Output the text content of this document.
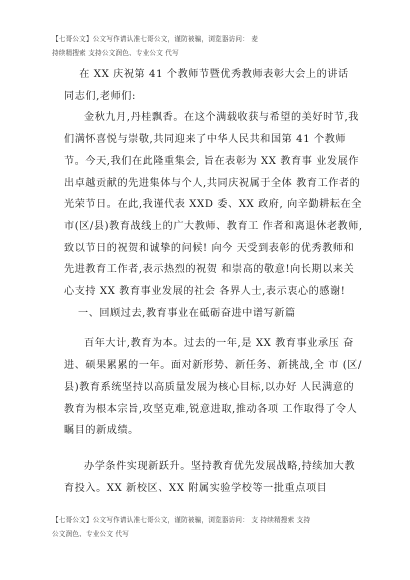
【七哥公文】公文写作请认准七哥公文，谨防被骗，浏览器访问： 麦
持续精搜索 支持公文润色、专业公文 代写

在 XX 庆祝第 41 个教师节暨优秀教师表彰大会上的讲话

同志们,老师们:

金秋九月,丹桂飘香。在这个满载收获与希望的美好时节,我们满怀喜悦与崇敬,共同迎来了中华人民共和国第 41 个教师节。今天,我们在此隆重集会, 旨在表彰为 XX 教育事 业发展作出卓越贡献的先进集体与个人,共同庆祝属于全体 教育工作者的光荣节日。在此,我谨代表 XXD 委、XX 政府, 向辛勤耕耘在全市(区/县)教育战线上的广大教师、教育工 作者和离退休老教师,致以节日的祝贺和诚挚的问候! 向今 天受到表彰的优秀教师和先进教育工作者,表示热烈的祝贺 和崇高的敬意!向长期以来关心支持 XX 教育事业发展的社会 各界人士,表示衷心的感谢!

一、回顾过去,教育事业在砥砺奋进中谱写新篇

百年大计,教育为本。过去的一年,是 XX 教育事业承压 奋进、硕果累累的一年。面对新形势、新任务、新挑战,全 市 (区/县)教育系统坚持以高质量发展为核心目标,以办好 人民满意的教育为根本宗旨,攻坚克难,锐意进取,推动各项 工作取得了令人瞩目的新成绩。

办学条件实现新跃升。坚持教育优先发展战略,持续加大教育投入。XX 新校区、XX 附属实验学校等一批重点项目

【七哥公文】公文写作请认准七哥公文，谨防被骗，浏览器访问： 支 持续精搜索 支持
公文润色、专业公文 代写
